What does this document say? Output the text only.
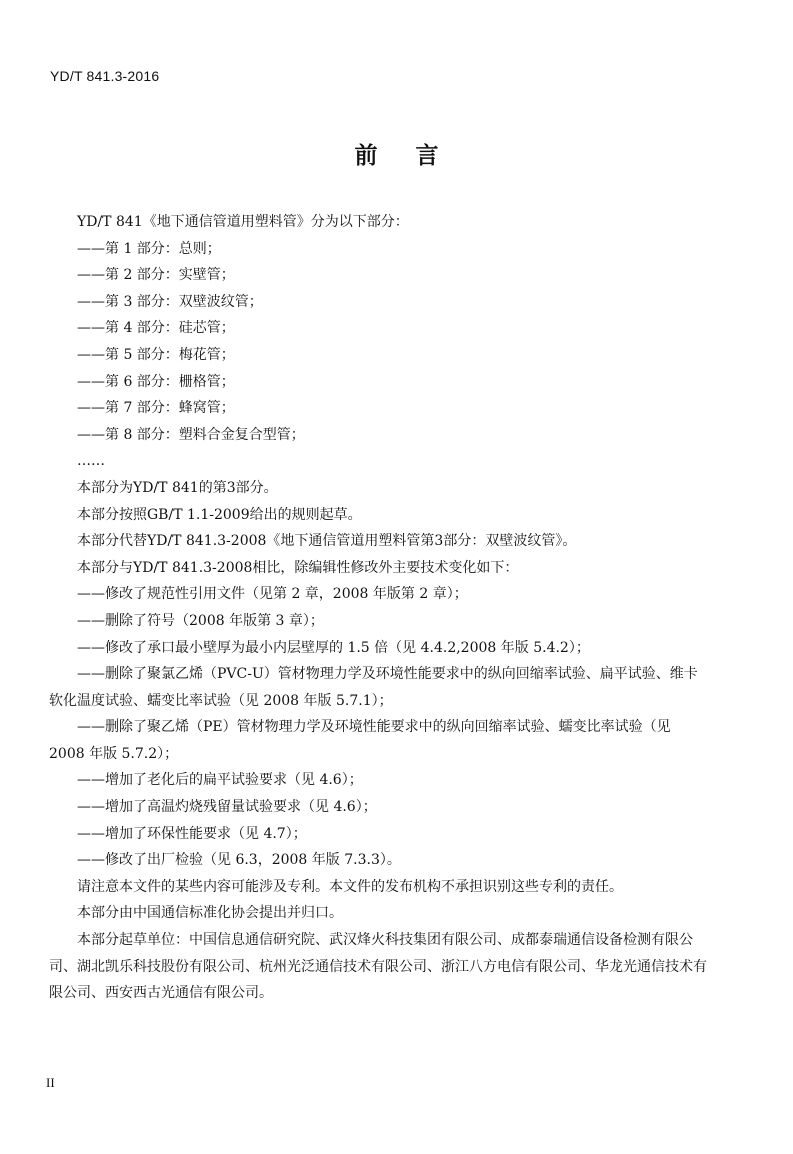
YD/T 841.3-2016
前 言

YD/T 841《地下通信管道用塑料管》分为以下部分：

——第 1 部分：总则；

——第 2 部分：实壁管；

——第 3 部分：双壁波纹管；

——第 4 部分：硅芯管；

——第 5 部分：梅花管；

——第 6 部分：栅格管；

——第 7 部分：蜂窝管；

——第 8 部分：塑料合金复合型管；

……

本部分为YD/T 841的第3部分。

本部分按照GB/T 1.1-2009给出的规则起草。

本部分代替YD/T 841.3-2008《地下通信管道用塑料管第3部分：双壁波纹管》。

本部分与YD/T 841.3-2008相比，除编辑性修改外主要技术变化如下：

——修改了规范性引用文件（见第 2 章，2008 年版第 2 章）；

——删除了符号（2008 年版第 3 章）；

——修改了承口最小壁厚为最小内层壁厚的 1.5 倍（见 4.4.2,2008 年版 5.4.2）；

——删除了聚氯乙烯（PVC-U）管材物理力学及环境性能要求中的纵向回缩率试验、扁平试验、维卡软化温度试验、蠕变比率试验（见 2008 年版 5.7.1）；

——删除了聚乙烯（PE）管材物理力学及环境性能要求中的纵向回缩率试验、蠕变比率试验（见 2008 年版 5.7.2）；

——增加了老化后的扁平试验要求（见 4.6）；

——增加了高温灼烧残留量试验要求（见 4.6）；

——增加了环保性能要求（见 4.7）；

——修改了出厂检验（见 6.3，2008 年版 7.3.3）。

请注意本文件的某些内容可能涉及专利。本文件的发布机构不承担识别这些专利的责任。

本部分由中国通信标准化协会提出并归口。

本部分起草单位：中国信息通信研究院、武汉烽火科技集团有限公司、成都泰瑞通信设备检测有限公司、湖北凯乐科技股份有限公司、杭州光泛通信技术有限公司、浙江八方电信有限公司、华龙光通信技术有限公司、西安西古光通信有限公司。

II
